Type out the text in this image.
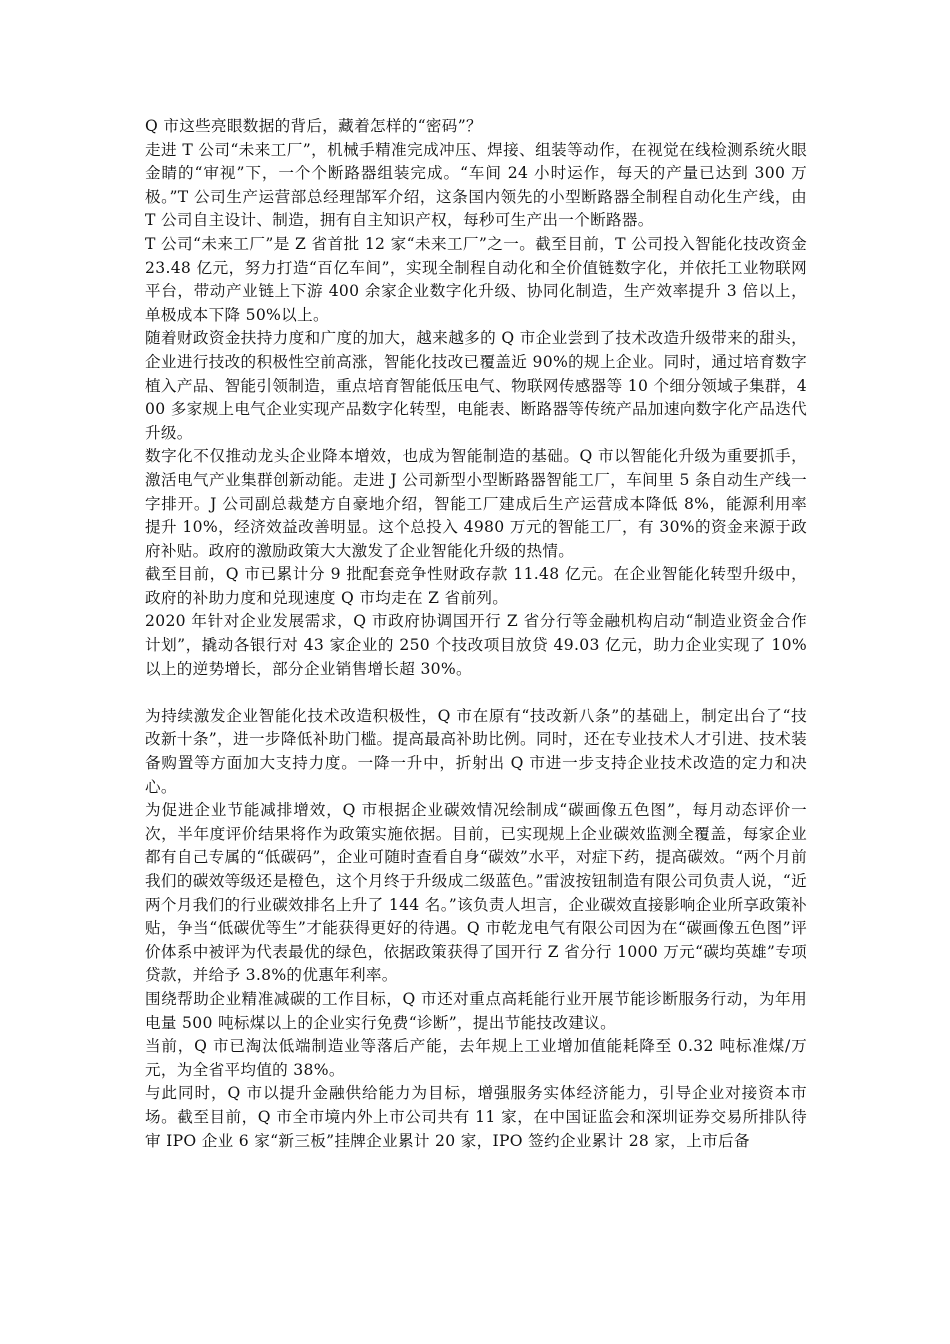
Q 市这些亮眼数据的背后，藏着怎样的“密码”？

走进 T 公司“未来工厂”，机械手精准完成冲压、焊接、组装等动作，在视觉在线检测系统火眼金睛的“审视”下，一个个断路器组装完成。“车间 24 小时运作，每天的产量已达到 300 万极。”T 公司生产运营部总经理郜军介绍，这条国内领先的小型断路器全制程自动化生产线，由 T 公司自主设计、制造，拥有自主知识产权，每秒可生产出一个断路器。

T 公司“未来工厂”是 Z 省首批 12 家“未来工厂”之一。截至目前，T 公司投入智能化技改资金 23.48 亿元，努力打造“百亿车间”，实现全制程自动化和全价值链数字化，并依托工业物联网平台，带动产业链上下游 400 余家企业数字化升级、协同化制造，生产效率提升 3 倍以上，单极成本下降 50%以上。

随着财政资金扶持力度和广度的加大，越来越多的 Q 市企业尝到了技术改造升级带来的甜头，企业进行技改的积极性空前高涨，智能化技改已覆盖近 90%的规上企业。同时，通过培育数字植入产品、智能引领制造，重点培育智能低压电气、物联网传感器等 10 个细分领域子集群，400 多家规上电气企业实现产品数字化转型，电能表、断路器等传统产品加速向数字化产品迭代升级。

数字化不仅推动龙头企业降本增效，也成为智能制造的基础。Q 市以智能化升级为重要抓手，激活电气产业集群创新动能。走进 J 公司新型小型断路器智能工厂，车间里 5 条自动生产线一字排开。J 公司副总裁楚方自豪地介绍，智能工厂建成后生产运营成本降低 8%，能源利用率提升 10%，经济效益改善明显。这个总投入 4980 万元的智能工厂，有 30%的资金来源于政府补贴。政府的激励政策大大激发了企业智能化升级的热情。

截至目前，Q 市已累计分 9 批配套竞争性财政存款 11.48 亿元。在企业智能化转型升级中，政府的补助力度和兑现速度 Q 市均走在 Z 省前列。

2020 年针对企业发展需求，Q 市政府协调国开行 Z 省分行等金融机构启动“制造业资金合作计划”，撬动各银行对 43 家企业的 250 个技改项目放贷 49.03 亿元，助力企业实现了 10%以上的逆势增长，部分企业销售增长超 30%。

为持续激发企业智能化技术改造积极性，Q 市在原有“技改新八条”的基础上，制定出台了“技改新十条”，进一步降低补助门槛。提高最高补助比例。同时，还在专业技术人才引进、技术装备购置等方面加大支持力度。一降一升中，折射出 Q 市进一步支持企业技术改造的定力和决心。

为促进企业节能减排增效，Q 市根据企业碳效情况绘制成“碳画像五色图”，每月动态评价一次，半年度评价结果将作为政策实施依据。目前，已实现规上企业碳效监测全覆盖，每家企业都有自己专属的“低碳码”，企业可随时查看自身“碳效”水平，对症下药，提高碳效。“两个月前我们的碳效等级还是橙色，这个月终于升级成二级蓝色。”雷波按钮制造有限公司负责人说，“近两个月我们的行业碳效排名上升了 144 名。”该负责人坦言，企业碳效直接影响企业所享政策补贴，争当“低碳优等生”才能获得更好的待遇。Q 市乾龙电气有限公司因为在“碳画像五色图”评价体系中被评为代表最优的绿色，依据政策获得了国开行 Z 省分行 1000 万元“碳均英雄”专项贷款，并给予 3.8%的优惠年利率。

围绕帮助企业精准减碳的工作目标，Q 市还对重点高耗能行业开展节能诊断服务行动，为年用电量 500 吨标煤以上的企业实行免费“诊断”，提出节能技改建议。

当前，Q 市已淘汰低端制造业等落后产能，去年规上工业增加值能耗降至 0.32 吨标准煤/万元，为全省平均值的 38%。

与此同时，Q 市以提升金融供给能力为目标，增强服务实体经济能力，引导企业对接资本市场。截至目前，Q 市全市境内外上市公司共有 11 家，在中国证监会和深圳证券交易所排队待审 IPO 企业 6 家“新三板”挂牌企业累计 20 家，IPO 签约企业累计 28 家，上市后备
